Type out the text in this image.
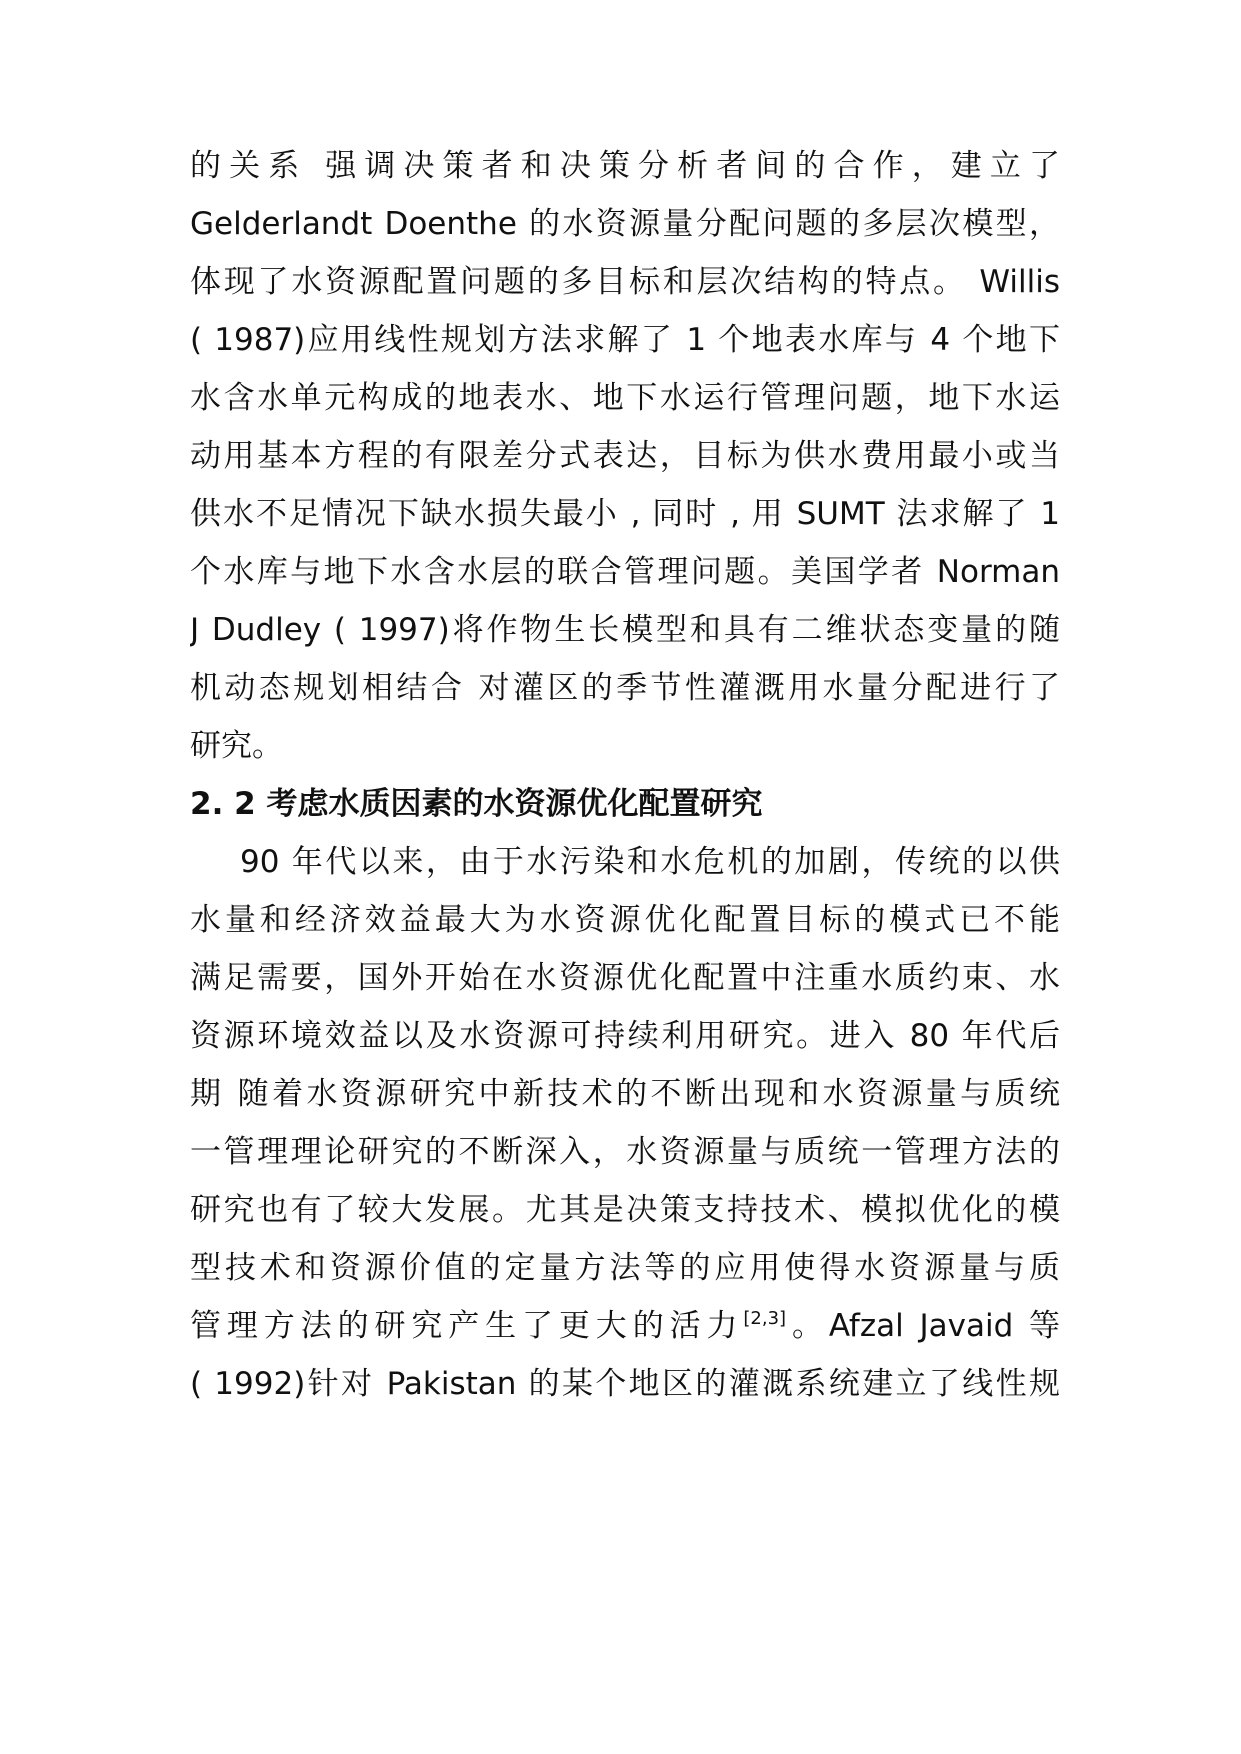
的关系 强调决策者和决策分析者间的合作，建立了
Gelderlandt Doenthe 的水资源量分配问题的多层次模型，
体现了水资源配置问题的多目标和层次结构的特点。 Willis
( 1987)应用线性规划方法求解了 1 个地表水库与 4 个地下
水含水单元构成的地表水、地下水运行管理问题，地下水运
动用基本方程的有限差分式表达，目标为供水费用最小或当
供水不足情况下缺水损失最小 , 同时 , 用 SUMT 法求解了 1
个水库与地下水含水层的联合管理问题。美国学者 Norman
J Dudley ( 1997)将作物生长模型和具有二维状态变量的随
机动态规划相结合 对灌区的季节性灌溉用水量分配进行了
研究。
2. 2 考虑水质因素的水资源优化配置研究
90 年代以来，由于水污染和水危机的加剧，传统的以供
水量和经济效益最大为水资源优化配置目标的模式已不能
满足需要，国外开始在水资源优化配置中注重水质约束、水
资源环境效益以及水资源可持续利用研究。进入 80 年代后
期 随着水资源研究中新技术的不断出现和水资源量与质统
一管理理论研究的不断深入，水资源量与质统一管理方法的
研究也有了较大发展。尤其是决策支持技术、模拟优化的模
型技术和资源价值的定量方法等的应用使得水资源量与质
管理方法的研究产生了更大的活力[2,3]。Afzal Javaid 等
( 1992)针对 Pakistan 的某个地区的灌溉系统建立了线性规
